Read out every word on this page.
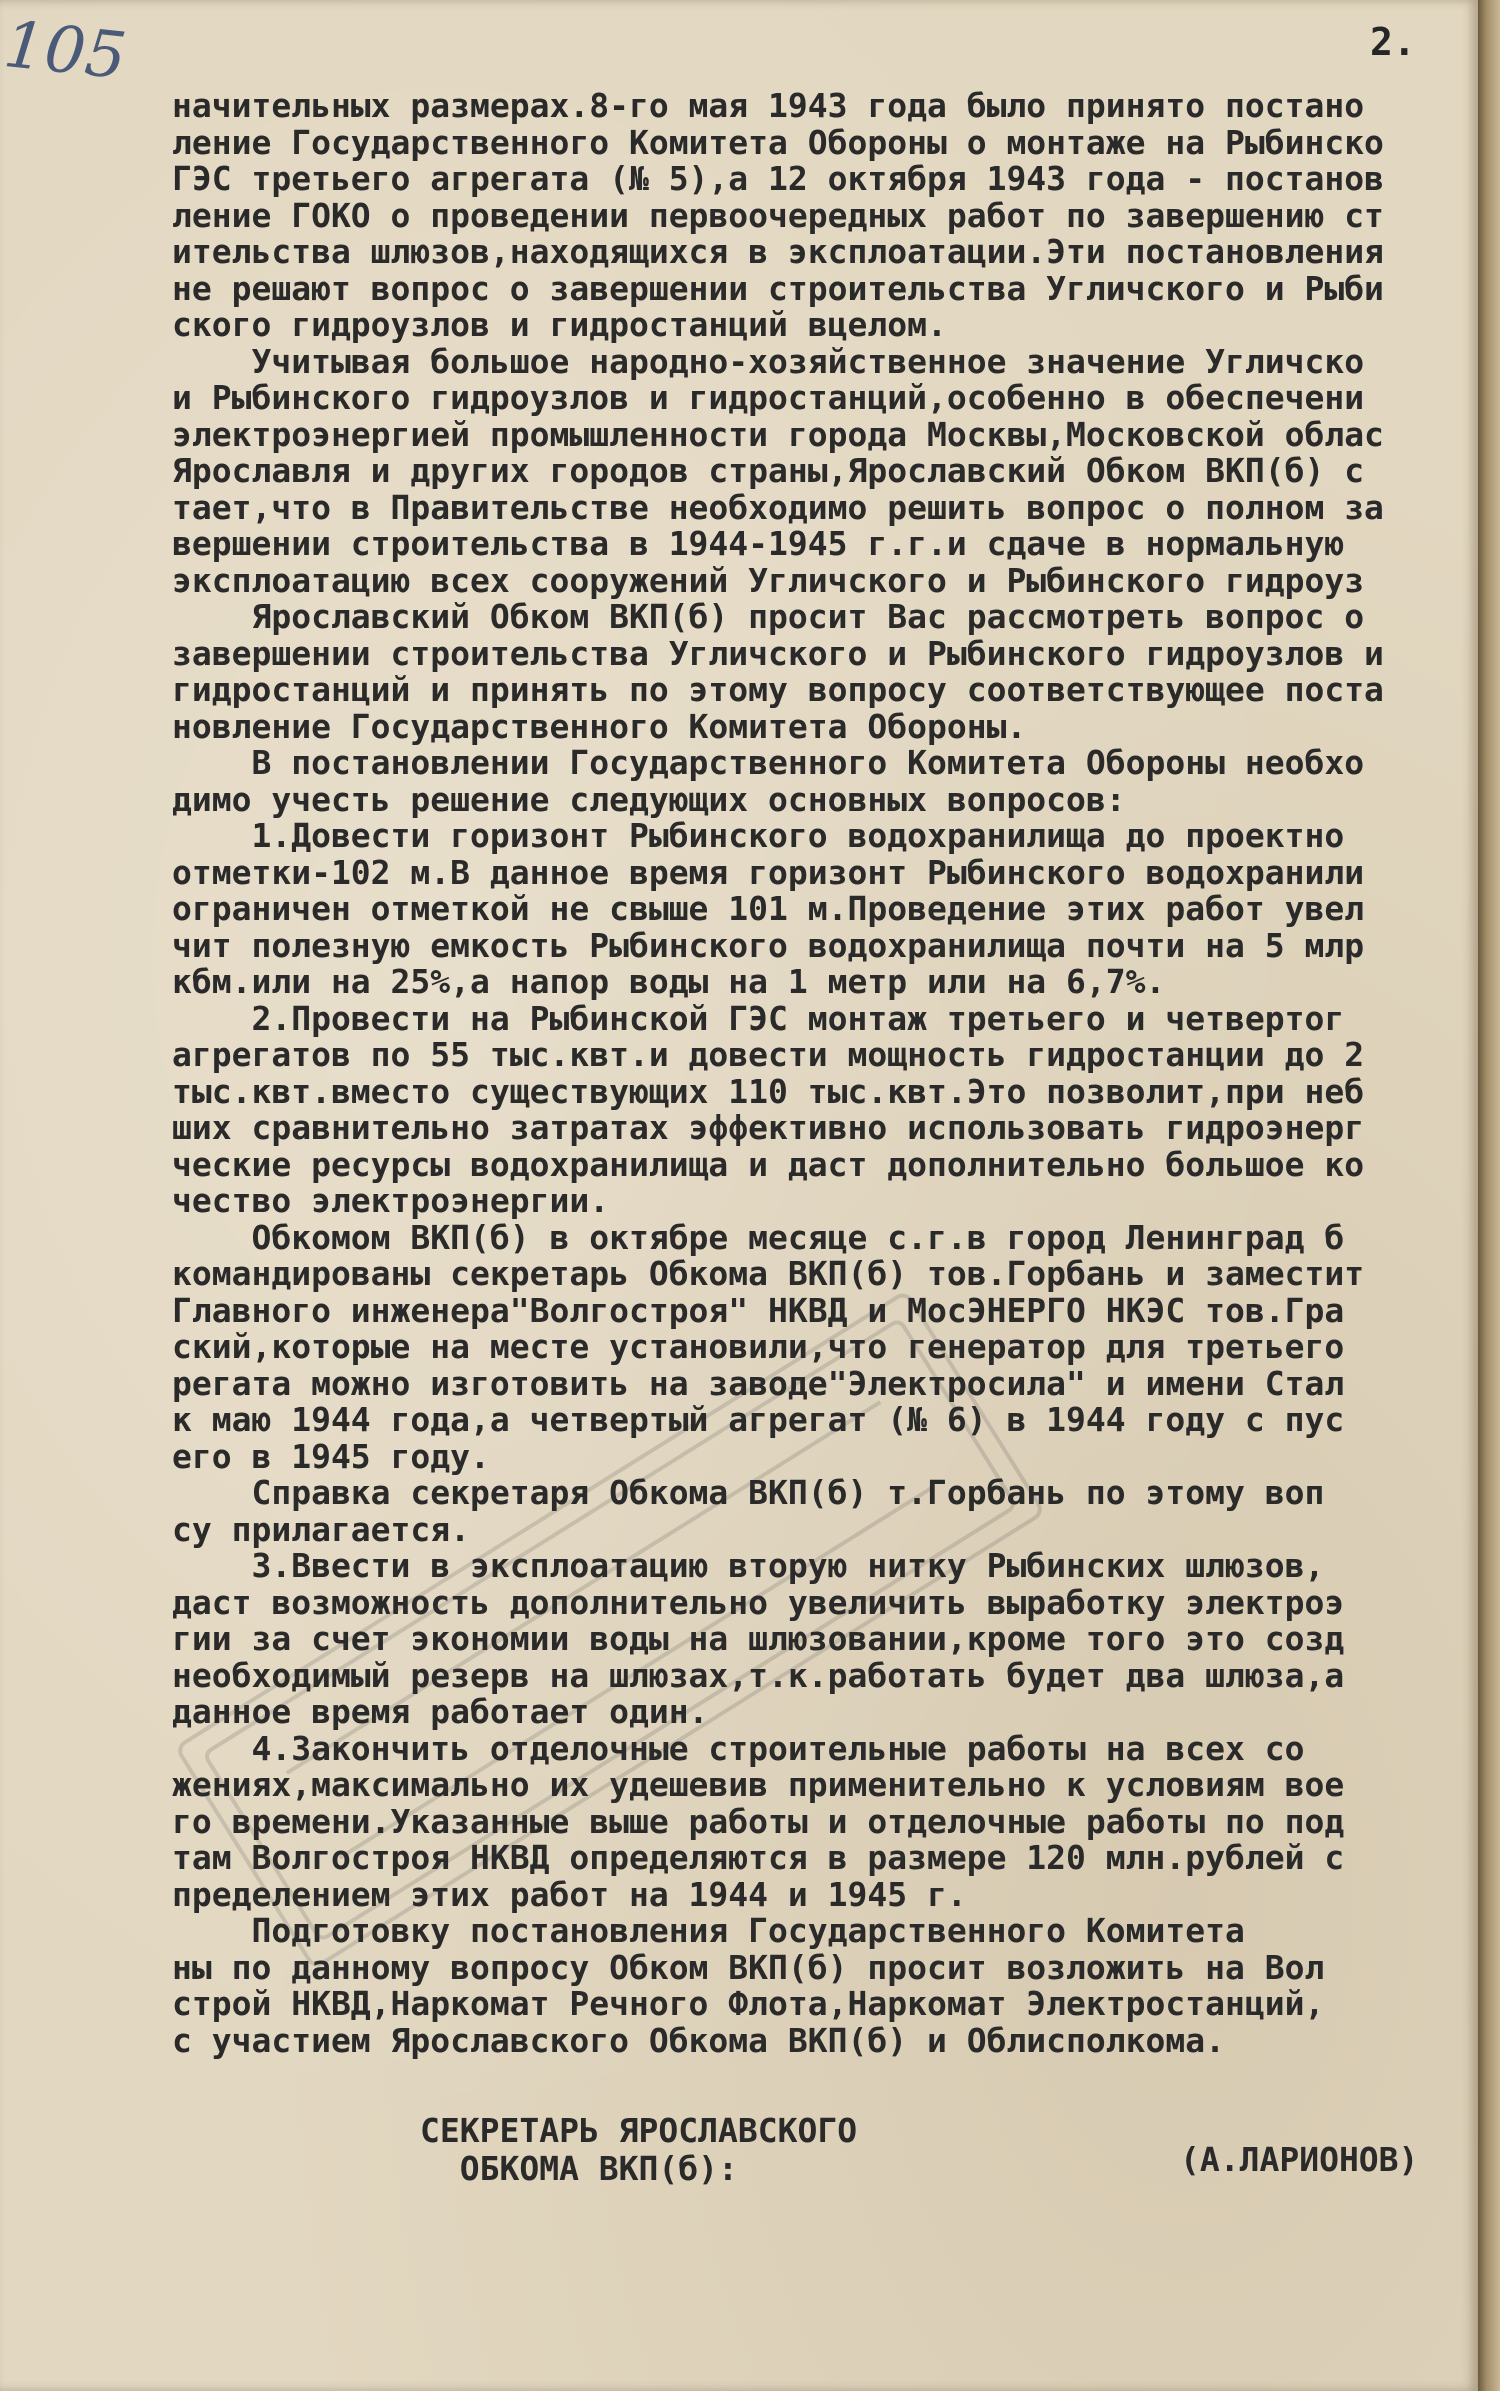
105	2.
начительных размерах.8-го мая 1943 года было принято постано
ление Государственного Комитета Обороны о монтаже на Рыбинско
ГЭС третьего агрегата (№ 5),а 12 октября 1943 года - постанов
ление ГОКО о проведении первоочередных работ по завершению ст
ительства шлюзов,находящихся в эксплоатации.Эти постановления
не решают вопрос о завершении строительства Угличского и Рыби
ского гидроузлов и гидростанций вцелом.
Учитывая большое народно-хозяйственное значение Угличско
и Рыбинского гидроузлов и гидростанций,особенно в обеспечени
электроэнергией промышленности города Москвы,Московской облас
Ярославля и других городов страны,Ярославский Обком ВКП(б) с
тает,что в Правительстве необходимо решить вопрос о полном за
вершении строительства в 1944-1945 г.г.и сдаче в нормальную
эксплоатацию всех сооружений Угличского и Рыбинского гидроуз
Ярославский Обком ВКП(б) просит Вас рассмотреть вопрос о
завершении строительства Угличского и Рыбинского гидроузлов и
гидростанций и принять по этому вопросу соответствующее поста
новление Государственного Комитета Обороны.
В постановлении Государственного Комитета Обороны необхо
димо учесть решение следующих основных вопросов:
1.Довести горизонт Рыбинского водохранилища до проектно
отметки-102 м.В данное время горизонт Рыбинского водохранили
ограничен отметкой не свыше 101 м.Проведение этих работ увел
чит полезную емкость Рыбинского водохранилища почти на 5 млр
кбм.или на 25%,а напор воды на 1 метр или на 6,7%.
2.Провести на Рыбинской ГЭС монтаж третьего и четвертог
агрегатов по 55 тыс.квт.и довести мощность гидростанции до 2
тыс.квт.вместо существующих 110 тыс.квт.Это позволит,при неб
ших сравнительно затратах эффективно использовать гидроэнерг
ческие ресурсы водохранилища и даст дополнительно большое ко
чество электроэнергии.
Обкомом ВКП(б) в октябре месяце с.г.в город Ленинград б
командированы секретарь Обкома ВКП(б) тов.Горбань и заместит
Главного инженера"Волгостроя" НКВД и МосЭНЕРГО НКЭС тов.Гра
ский,которые на месте установили,что генератор для третьего
регата можно изготовить на заводе"Электросила" и имени Стал
к маю 1944 года,а четвертый агрегат (№ 6) в 1944 году с пус
его в 1945 году.
Справка секретаря Обкома ВКП(б) т.Горбань по этому воп
су прилагается.
3.Ввести в эксплоатацию вторую нитку Рыбинских шлюзов,
даст возможность дополнительно увеличить выработку электроэ
гии за счет экономии воды на шлюзовании,кроме того это созд
необходимый резерв на шлюзах,т.к.работать будет два шлюза,а
данное время работает один.
4.Закончить отделочные строительные работы на всех со
жениях,максимально их удешевив применительно к условиям вое
го времени.Указанные выше работы и отделочные работы по под
там Волгостроя НКВД определяются в размере 120 млн.рублей с
пределением этих работ на 1944 и 1945 г.
Подготовку постановления Государственного Комитета
ны по данному вопросу Обком ВКП(б) просит возложить на Вол
строй НКВД,Наркомат Речного Флота,Наркомат Электростанций,
с участием Ярославского Обкома ВКП(б) и Облисполкома.
СЕКРЕТАРЬ ЯРОСЛАВСКОГО
ОБКОМА ВКП(б):	(А.ЛАРИОНОВ)
